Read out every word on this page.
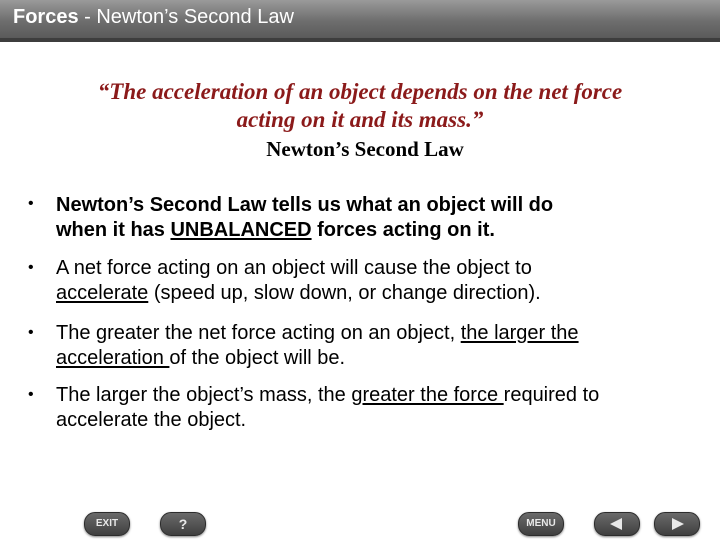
Forces - Newton’s Second Law
“The acceleration of an object depends on the net force
acting on it and its mass.”
Newton’s Second Law
• Newton’s Second Law tells us what an object will do
when it has UNBALANCED forces acting on it.
• A net force acting on an object will cause the object to
accelerate (speed up, slow down, or change direction).
• The greater the net force acting on an object, the larger the
acceleration of the object will be.
• The larger the object’s mass, the greater the force required to
accelerate the object.
EXIT	?	MENU
